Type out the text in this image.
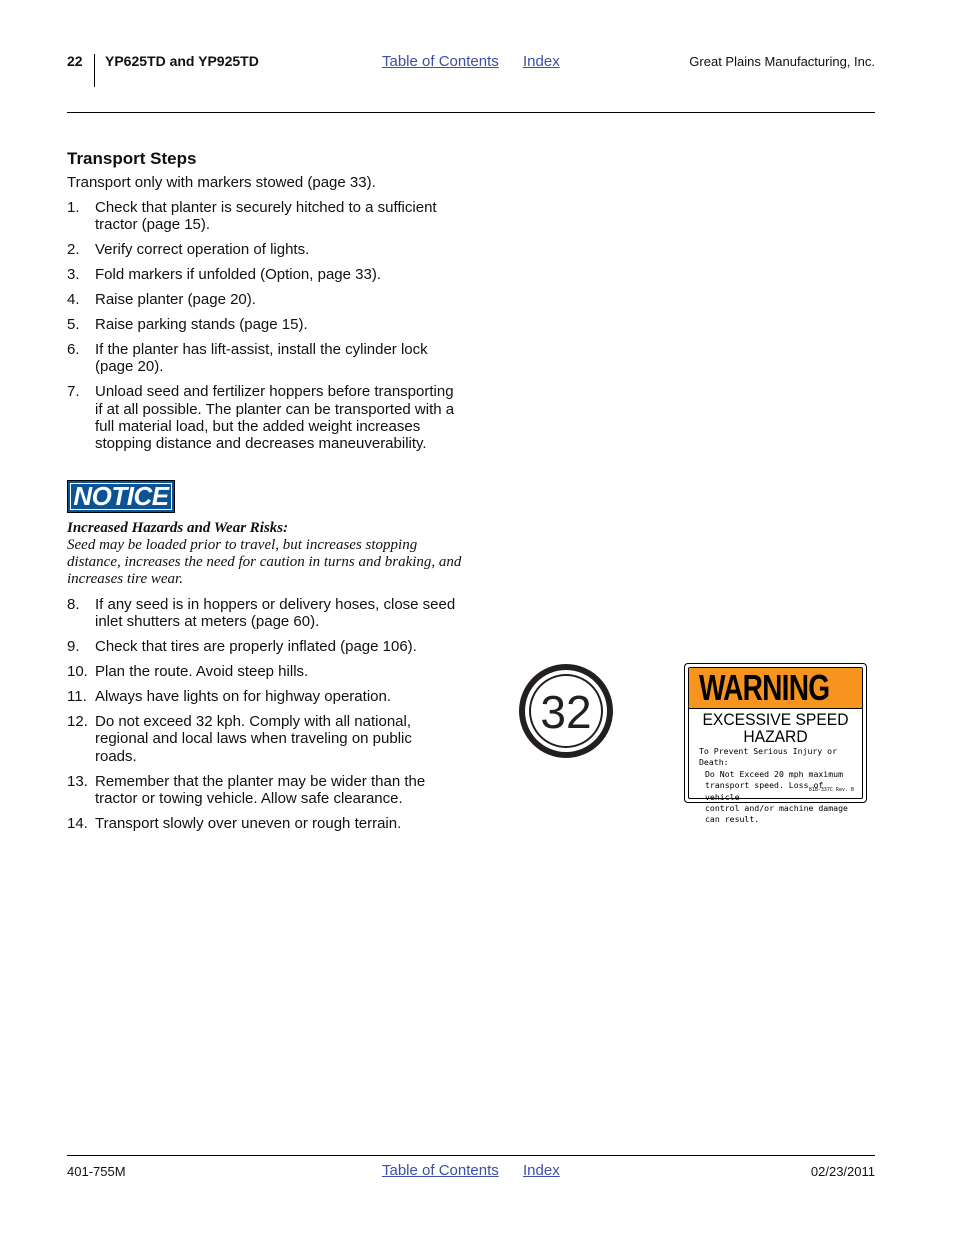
22 YP625TD and YP925TD	Table of Contents Index	Great Plains Manufacturing, Inc.
Transport Steps
Transport only with markers stowed (page 33).
1.	Check that planter is securely hitched to a sufficient tractor (page 15).
2.	Verify correct operation of lights.
3.	Fold markers if unfolded (Option, page 33).
4.	Raise planter (page 20).
5.	Raise parking stands (page 15).
6.	If the planter has lift-assist, install the cylinder lock (page 20).
7.	Unload seed and fertilizer hoppers before transporting if at all possible. The planter can be transported with a full material load, but the added weight increases stopping distance and decreases maneuverability.
NOTICE
Increased Hazards and Wear Risks:
Seed may be loaded prior to travel, but increases stopping distance, increases the need for caution in turns and braking, and increases tire wear.
8.	If any seed is in hoppers or delivery hoses, close seed inlet shutters at meters (page 60).
9.	Check that tires are properly inflated (page 106).
10. Plan the route. Avoid steep hills.
11. Always have lights on for highway operation.
12. Do not exceed 32 kph. Comply with all national, regional and local laws when traveling on public roads.
13. Remember that the planter may be wider than the tractor or towing vehicle. Allow safe clearance.
14. Transport slowly over uneven or rough terrain.
32	WARNING
EXCESSIVE SPEED
HAZARD
To Prevent Serious Injury or Death:
Do Not Exceed 20 mph maximum
transport speed. Loss of vehicle
control and/or machine damage
can result.
818-337C Rev. B
401-755M	Table of Contents Index	02/23/2011
